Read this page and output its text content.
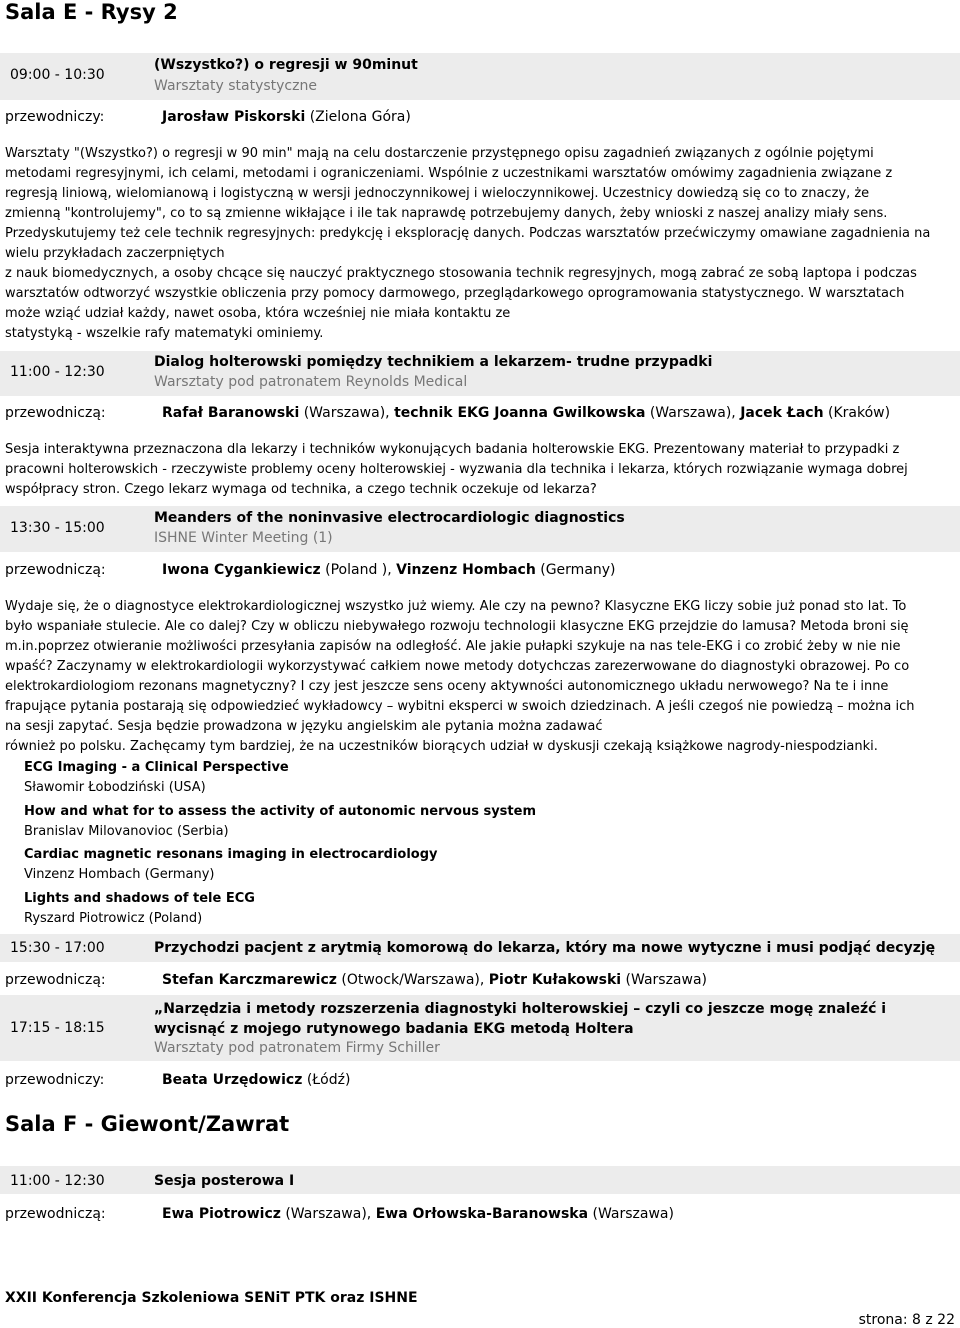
Sala E - Rysy 2
09:00 - 10:30
(Wszystko?) o regresji w 90minut
Warsztaty statystyczne
przewodniczy:	Jarosław Piskorski (Zielona Góra)
Warsztaty "(Wszystko?) o regresji w 90 min" mają na celu dostarczenie przystępnego opisu zagadnień związanych z ogólnie pojętymi
metodami regresyjnymi, ich celami, metodami i ograniczeniami. Wspólnie z uczestnikami warsztatów omówimy zagadnienia związane z
regresją liniową, wielomianową i logistyczną w wersji jednoczynnikowej i wieloczynnikowej. Uczestnicy dowiedzą się co to znaczy, że
zmienną "kontrolujemy", co to są zmienne wikłające i ile tak naprawdę potrzebujemy danych, żeby wnioski z naszej analizy miały sens.
Przedyskutujemy też cele technik regresyjnych: predykcję i eksplorację danych. Podczas warsztatów przećwiczymy omawiane zagadnienia na
wielu przykładach zaczerpniętych
z nauk biomedycznych, a osoby chcące się nauczyć praktycznego stosowania technik regresyjnych, mogą zabrać ze sobą laptopa i podczas
warsztatów odtworzyć wszystkie obliczenia przy pomocy darmowego, przeglądarkowego oprogramowania statystycznego. W warsztatach
może wziąć udział każdy, nawet osoba, która wcześniej nie miała kontaktu ze
statystyką - wszelkie rafy matematyki ominiemy.
11:00 - 12:30
Dialog holterowski pomiędzy technikiem a lekarzem- trudne przypadki
Warsztaty pod patronatem Reynolds Medical
przewodniczą:	Rafał Baranowski (Warszawa), technik EKG Joanna Gwilkowska (Warszawa), Jacek Łach (Kraków)
Sesja interaktywna przeznaczona dla lekarzy i techników wykonujących badania holterowskie EKG. Prezentowany materiał to przypadki z
pracowni holterowskich - rzeczywiste problemy oceny holterowskiej - wyzwania dla technika i lekarza, których rozwiązanie wymaga dobrej
współpracy stron. Czego lekarz wymaga od technika, a czego technik oczekuje od lekarza?
13:30 - 15:00
Meanders of the noninvasive electrocardiologic diagnostics
ISHNE Winter Meeting (1)
przewodniczą:	Iwona Cygankiewicz (Poland ), Vinzenz Hombach (Germany)
Wydaje się, że o diagnostyce elektrokardiologicznej wszystko już wiemy. Ale czy na pewno? Klasyczne EKG liczy sobie już ponad sto lat. To
było wspaniałe stulecie. Ale co dalej? Czy w obliczu niebywałego rozwoju technologii klasyczne EKG przejdzie do lamusa? Metoda broni się
m.in.poprzez otwieranie możliwości przesyłania zapisów na odległość. Ale jakie pułapki szykuje na nas tele-EKG i co zrobić żeby w nie nie
wpaść? Zaczynamy w elektrokardiologii wykorzystywać całkiem nowe metody dotychczas zarezerwowane do diagnostyki obrazowej. Po co
elektrokardiologiom rezonans magnetyczny? I czy jest jeszcze sens oceny aktywności autonomicznego układu nerwowego? Na te i inne
frapujące pytania postarają się odpowiedzieć wykładowcy – wybitni eksperci w swoich dziedzinach. A jeśli czegoś nie powiedzą – można ich
na sesji zapytać. Sesja będzie prowadzona w języku angielskim ale pytania można zadawać
również po polsku. Zachęcamy tym bardziej, że na uczestników biorących udział w dyskusji czekają książkowe nagrody-niespodzianki.
ECG Imaging - a Clinical Perspective
Sławomir Łobodziński (USA)
How and what for to assess the activity of autonomic nervous system
Branislav Milovanovioc (Serbia)
Cardiac magnetic resonans imaging in electrocardiology
Vinzenz Hombach (Germany)
Lights and shadows of tele ECG
Ryszard Piotrowicz (Poland)
15:30 - 17:00	Przychodzi pacjent z arytmią komorową do lekarza, który ma nowe wytyczne i musi podjąć decyzję
przewodniczą:	Stefan Karczmarewicz (Otwock/Warszawa), Piotr Kułakowski (Warszawa)
17:15 - 18:15
„Narzędzia i metody rozszerzenia diagnostyki holterowskiej – czyli co jeszcze mogę znaleźć i wycisnąć z mojego rutynowego badania EKG metodą Holtera
Warsztaty pod patronatem Firmy Schiller
przewodniczy:	Beata Urzędowicz (Łódź)
Sala F - Giewont/Zawrat
11:00 - 12:30	Sesja posterowa I
przewodniczą:	Ewa Piotrowicz (Warszawa), Ewa Orłowska-Baranowska (Warszawa)
XXII Konferencja Szkoleniowa SENiT PTK oraz ISHNE
strona: 8 z 22
